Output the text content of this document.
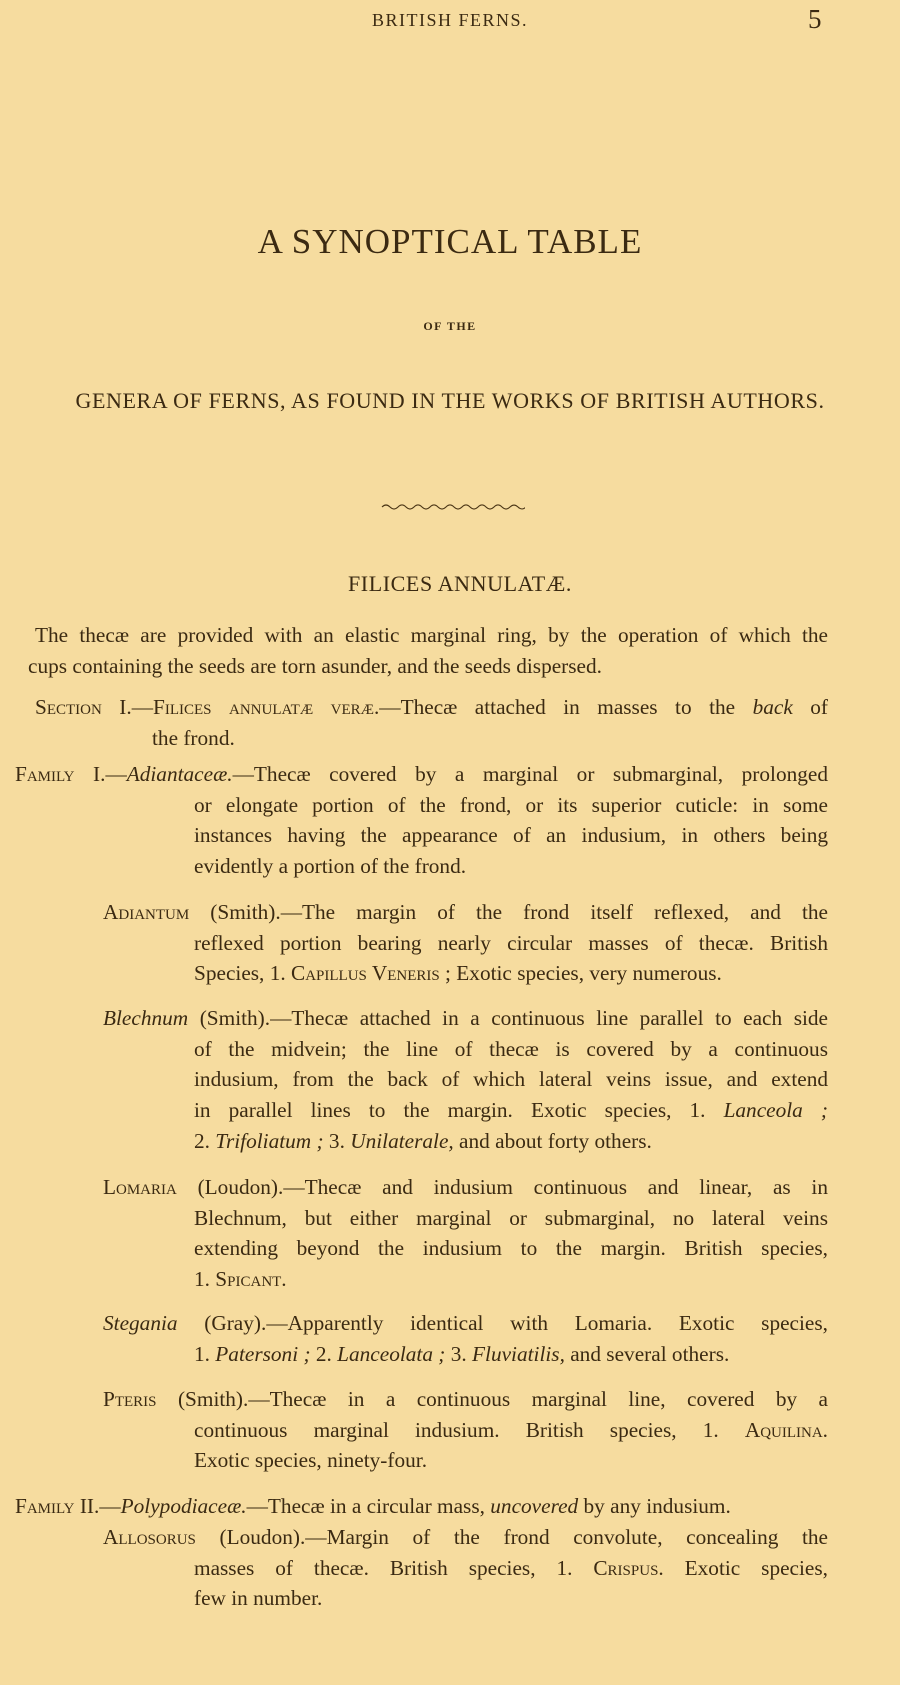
BRITISH FERNS.	5
A SYNOPTICAL TABLE
OF THE
GENERA OF FERNS, AS FOUND IN THE WORKS OF BRITISH AUTHORS.
FILICES ANNULATÆ.
The thecæ are provided with an elastic marginal ring, by the operation of which the
cups containing the seeds are torn asunder, and the seeds dispersed.
Section I.—Filices annulatæ veræ.—Thecæ attached in masses to the back of
the frond.
Family I.—Adiantaceæ.—Thecæ covered by a marginal or submarginal, prolonged
or elongate portion of the frond, or its superior cuticle: in some
instances having the appearance of an indusium, in others being
evidently a portion of the frond.
Adiantum (Smith).—The margin of the frond itself reflexed, and the
reflexed portion bearing nearly circular masses of thecæ. British
Species, 1. Capillus Veneris ; Exotic species, very numerous.
Blechnum (Smith).—Thecæ attached in a continuous line parallel to each side
of the midvein; the line of thecæ is covered by a continuous
indusium, from the back of which lateral veins issue, and extend
in parallel lines to the margin. Exotic species, 1. Lanceola ;
2. Trifoliatum ; 3. Unilaterale, and about forty others.
Lomaria (Loudon).—Thecæ and indusium continuous and linear, as in
Blechnum, but either marginal or submarginal, no lateral veins
extending beyond the indusium to the margin. British species,
1. Spicant.
Stegania (Gray).—Apparently identical with Lomaria. Exotic species,
1. Patersoni ; 2. Lanceolata ; 3. Fluviatilis, and several others.
Pteris (Smith).—Thecæ in a continuous marginal line, covered by a
continuous marginal indusium. British species, 1. Aquilina.
Exotic species, ninety-four.
Family II.—Polypodiaceæ.—Thecæ in a circular mass, uncovered by any indusium.
Allosorus (Loudon).—Margin of the frond convolute, concealing the
masses of thecæ. British species, 1. Crispus. Exotic species,
few in number.
